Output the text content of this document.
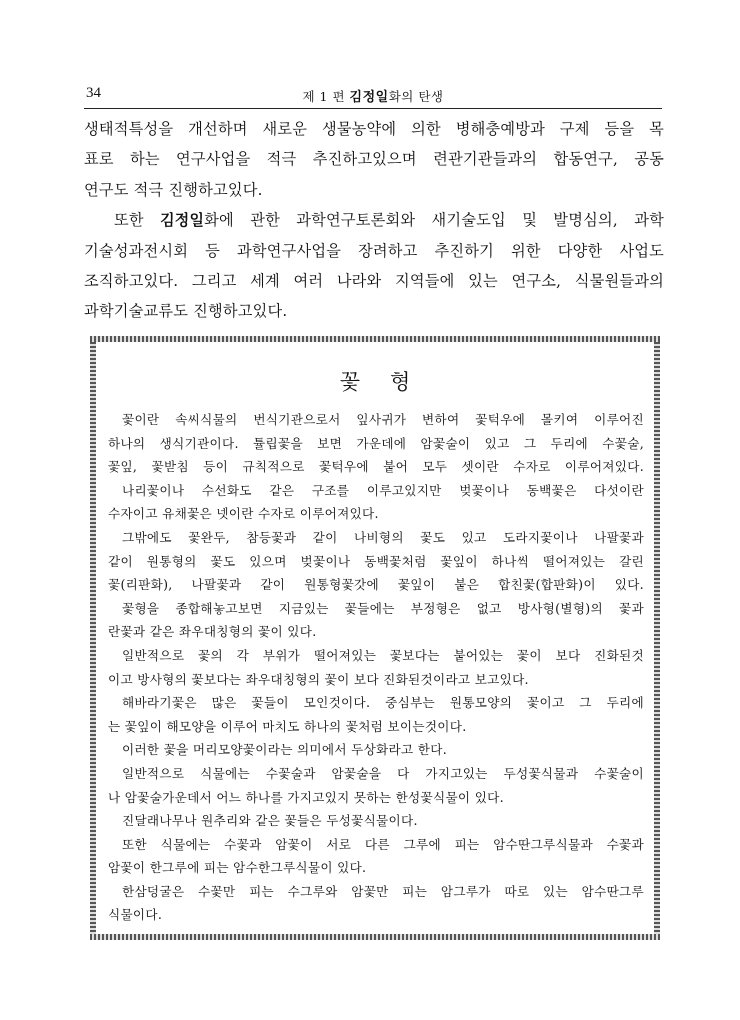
34	제 1 편 김정일화의 탄생

생태적특성을 개선하며 새로운 생물농약에 의한 병해충예방과 구제 등을 목

표로 하는 연구사업을 적극 추진하고있으며 련관기관들과의 합동연구, 공동

연구도 적극 진행하고있다.

또한 김정일화에 관한 과학연구토론회와 새기술도입 및 발명심의, 과학

기술성과전시회 등 과학연구사업을 장려하고 추진하기 위한 다양한 사업도

조직하고있다. 그리고 세계 여러 나라와 지역들에 있는 연구소, 식물원들과의

과학기술교류도 진행하고있다.

꽃형

꽃이란 속씨식물의 번식기관으로서 잎사귀가 변하여 꽃턱우에 몰키여 이루어진

하나의 생식기관이다. 튤립꽃을 보면 가운데에 암꽃술이 있고 그 두리에 수꽃술,

꽃잎, 꽃받침 등이 규칙적으로 꽃턱우에 붙어 모두 셋이란 수자로 이루어져있다.

나리꽃이나 수선화도 같은 구조를 이루고있지만 벚꽃이나 동백꽃은 다섯이란

수자이고 유채꽃은 넷이란 수자로 이루어져있다.

그밖에도 꽃완두, 참등꽃과 같이 나비형의 꽃도 있고 도라지꽃이나 나팔꽃과

같이 원통형의 꽃도 있으며 벚꽃이나 동백꽃처럼 꽃잎이 하나씩 떨어져있는 갈린

꽃(리판화), 나팔꽃과 같이 원통형꽃갓에 꽃잎이 붙은 합친꽃(합판화)이 있다.

꽃형을 종합해놓고보면 지금있는 꽃들에는 부정형은 없고 방사형(별형)의 꽃과

란꽃과 같은 좌우대칭형의 꽃이 있다.

일반적으로 꽃의 각 부위가 떨어져있는 꽃보다는 붙어있는 꽃이 보다 진화된것

이고 방사형의 꽃보다는 좌우대칭형의 꽃이 보다 진화된것이라고 보고있다.

해바라기꽃은 많은 꽃들이 모인것이다. 중심부는 원통모양의 꽃이고 그 두리에

는 꽃잎이 해모양을 이루어 마치도 하나의 꽃처럼 보이는것이다.

이러한 꽃을 머리모양꽃이라는 의미에서 두상화라고 한다.

일반적으로 식물에는 수꽃술과 암꽃술을 다 가지고있는 두성꽃식물과 수꽃술이

나 암꽃술가운데서 어느 하나를 가지고있지 못하는 한성꽃식물이 있다.

진달래나무나 원추리와 같은 꽃들은 두성꽃식물이다.

또한 식물에는 수꽃과 암꽃이 서로 다른 그루에 피는 암수딴그루식물과 수꽃과

암꽃이 한그루에 피는 암수한그루식물이 있다.

한삼덩굴은 수꽃만 피는 수그루와 암꽃만 피는 암그루가 따로 있는 암수딴그루

식물이다.
